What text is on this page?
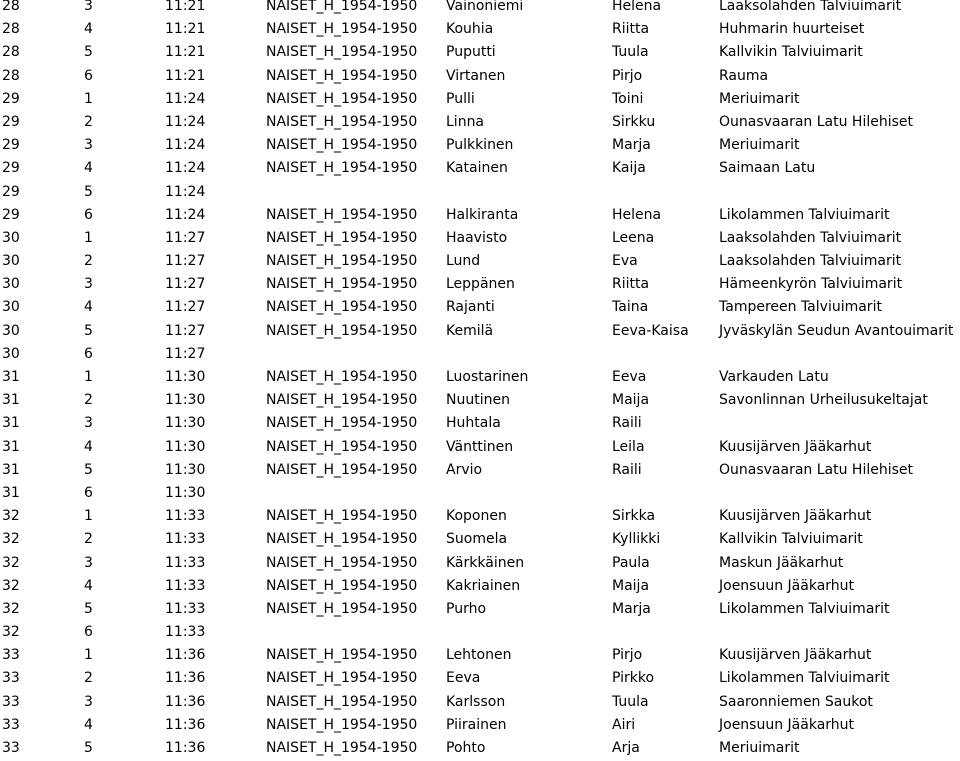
28	3	11:21	NAISET_H_1954-1950 Vainoniemi	Helena	Laaksolahden Talviuimarit
28	4	11:21	NAISET_H_1954-1950 Kouhia	Riitta	Huhmarin huurteiset
28	5	11:21	NAISET_H_1954-1950 Puputti	Tuula	Kallvikin Talviuimarit
28	6	11:21	NAISET_H_1954-1950 Virtanen	Pirjo	Rauma
29	1	11:24	NAISET_H_1954-1950 Pulli	Toini	Meriuimarit
29	2	11:24	NAISET_H_1954-1950 Linna	Sirkku	Ounasvaaran Latu Hilehiset
29	3	11:24	NAISET_H_1954-1950 Pulkkinen	Marja	Meriuimarit
29	4	11:24	NAISET_H_1954-1950 Katainen	Kaija	Saimaan Latu
29	5	11:24
29	6	11:24	NAISET_H_1954-1950 Halkiranta	Helena	Likolammen Talviuimarit
30	1	11:27	NAISET_H_1954-1950 Haavisto	Leena	Laaksolahden Talviuimarit
30	2	11:27	NAISET_H_1954-1950 Lund	Eva	Laaksolahden Talviuimarit
30	3	11:27	NAISET_H_1954-1950 Leppänen	Riitta	Hämeenkyrön Talviuimarit
30	4	11:27	NAISET_H_1954-1950 Rajanti	Taina	Tampereen Talviuimarit
30	5	11:27	NAISET_H_1954-1950 Kemilä	Eeva-Kaisa Jyväskylän Seudun Avantouimarit
30	6	11:27
31	1	11:30	NAISET_H_1954-1950 Luostarinen	Eeva	Varkauden Latu
31	2	11:30	NAISET_H_1954-1950 Nuutinen	Maija	Savonlinnan Urheilusukeltajat
31	3	11:30	NAISET_H_1954-1950 Huhtala	Raili
31	4	11:30	NAISET_H_1954-1950 Vänttinen	Leila	Kuusijärven Jääkarhut
31	5	11:30	NAISET_H_1954-1950 Arvio	Raili	Ounasvaaran Latu Hilehiset
31	6	11:30
32	1	11:33	NAISET_H_1954-1950 Koponen	Sirkka	Kuusijärven Jääkarhut
32	2	11:33	NAISET_H_1954-1950 Suomela	Kyllikki	Kallvikin Talviuimarit
32	3	11:33	NAISET_H_1954-1950 Kärkkäinen	Paula	Maskun Jääkarhut
32	4	11:33	NAISET_H_1954-1950 Kakriainen	Maija	Joensuun Jääkarhut
32	5	11:33	NAISET_H_1954-1950 Purho	Marja	Likolammen Talviuimarit
32	6	11:33
33	1	11:36	NAISET_H_1954-1950 Lehtonen	Pirjo	Kuusijärven Jääkarhut
33	2	11:36	NAISET_H_1954-1950 Eeva	Pirkko	Likolammen Talviuimarit
33	3	11:36	NAISET_H_1954-1950 Karlsson	Tuula	Saaronniemen Saukot
33	4	11:36	NAISET_H_1954-1950 Piirainen	Airi	Joensuun Jääkarhut
33	5	11:36	NAISET_H_1954-1950 Pohto	Arja	Meriuimarit
